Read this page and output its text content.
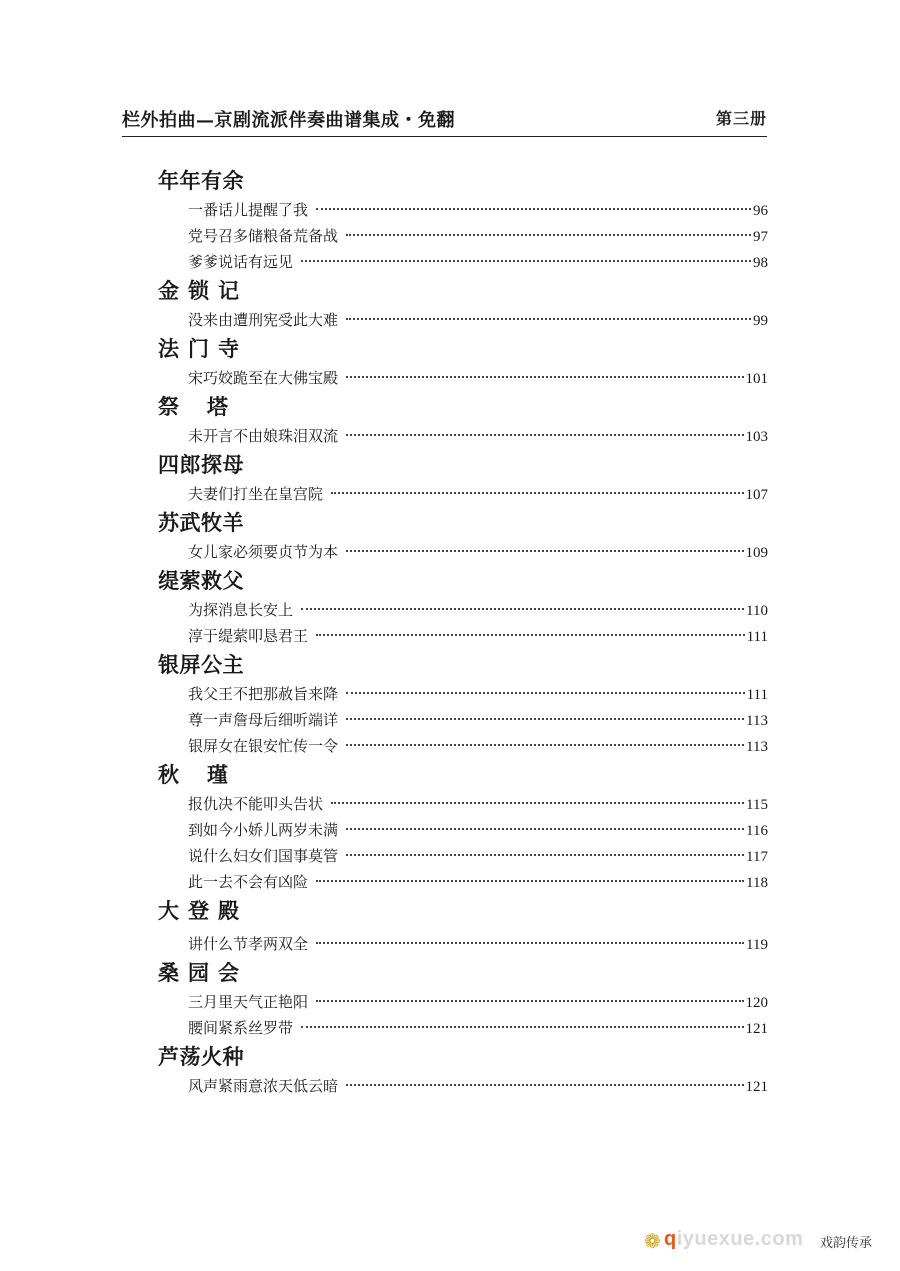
栏外拍曲—京剧流派伴奏曲谱集成・免翻	第三册
年年有余
一番话儿提醒了我	96
党号召多储粮备荒备战	97
爹爹说话有远见	98
金锁记
没来由遭刑宪受此大难	99
法门寺
宋巧姣跪至在大佛宝殿	101
祭塔
未开言不由娘珠泪双流	103
四郎探母
夫妻们打坐在皇宫院	107
苏武牧羊
女儿家必须要贞节为本	109
缇萦救父
为探消息长安上	110
淳于缇萦叩恳君王	111
银屏公主
我父王不把那赦旨来降	111
尊一声詹母后细听端详	113
银屏女在银安忙传一令	113
秋瑾
报仇决不能叩头告状	115
到如今小娇儿两岁未满	116
说什么妇女们国事莫管	117
此一去不会有凶险	118
大登殿
讲什么节孝两双全	119
桑园会
三月里天气正艳阳	120
腰间紧系丝罗带	121
芦荡火种
风声紧雨意浓天低云暗	121
❁ qiyuexue.com 戏韵传承
